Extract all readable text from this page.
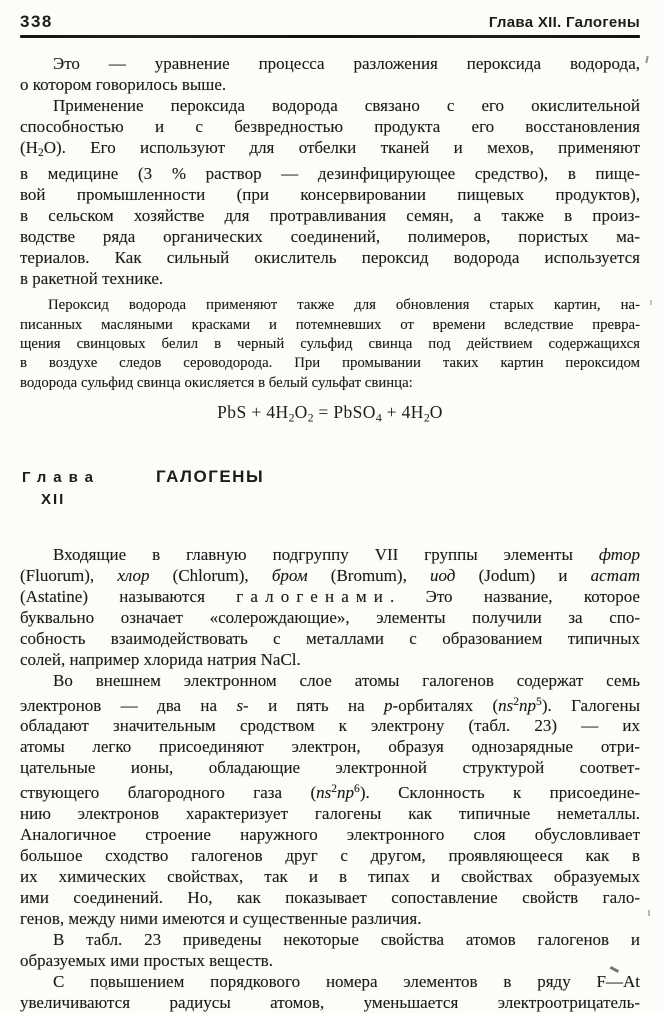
338	Глава XII. Галогены
Это — уравнение процесса разложения пероксида водорода,
о котором говорилось выше.
Применение пероксида водорода связано с его окислительной
способностью и с безвредностью продукта его восстановления
$(H_2O)$. Его используют для отбелки тканей и мехов, применяют
в медицине (3 % раствор — дезинфицирующее средство), в пище-
вой промышленности (при консервировании пищевых продуктов),
в сельском хозяйстве для протравливания семян, а также в произ-
водстве ряда органических соединений, полимеров, пористых ма-
териалов. Как сильный окислитель пероксид водорода используется
в ракетной технике.
Пероксид водорода применяют также для обновления старых картин, на-
писанных масляными красками и потемневших от времени вследствие превра-
щения свинцовых белил в черный сульфид свинца под действием содержащихся
в воздухе следов сероводорода. При промывании таких картин пероксидом
водорода сульфид свинца окисляется в белый сульфат свинца:
PbS + $4H_2O_2$ = PbSO$_4$ + $4H_2O$
Глава	ГАЛОГЕНЫ
XII
Входящие в главную подгруппу VII группы элементы фтор
(Fluorum), хлор (Chlorum), бром (Bromum), иод (Jodum) и астат
(Astatine) называются галогенами. Это название, которое
буквально означает «солерождающие», элементы получили за спо-
собность взаимодействовать с металлами с образованием типичных
солей, например хлорида натрия NaCl.
Во внешнем электронном слое атомы галогенов содержат семь
электронов — два на s- и пять на p-орбиталях $(ns^2np^5)$. Галогены
обладают значительным сродством к электрону (табл. 23) — их
атомы легко присоединяют электрон, образуя однозарядные отри-
цательные ионы, обладающие электронной структурой соответ-
ствующего благородного газа $(ns^2np^6)$. Склонность к присоедине-
нию электронов характеризует галогены как типичные неметаллы.
Аналогичное строение наружного электронного слоя обусловливает
большое сходство галогенов друг с другом, проявляющееся как в
их химических свойствах, так и в типах и свойствах образуемых
ими соединений. Но, как показывает сопоставление свойств гало-
генов, между ними имеются и существенные различия.
В табл. 23 приведены некоторые свойства атомов галогенов и
образуемых ими простых веществ.
С повышением порядкового номера элементов в ряду F—At
увеличиваются радиусы атомов, уменьшается электроотрицатель-
